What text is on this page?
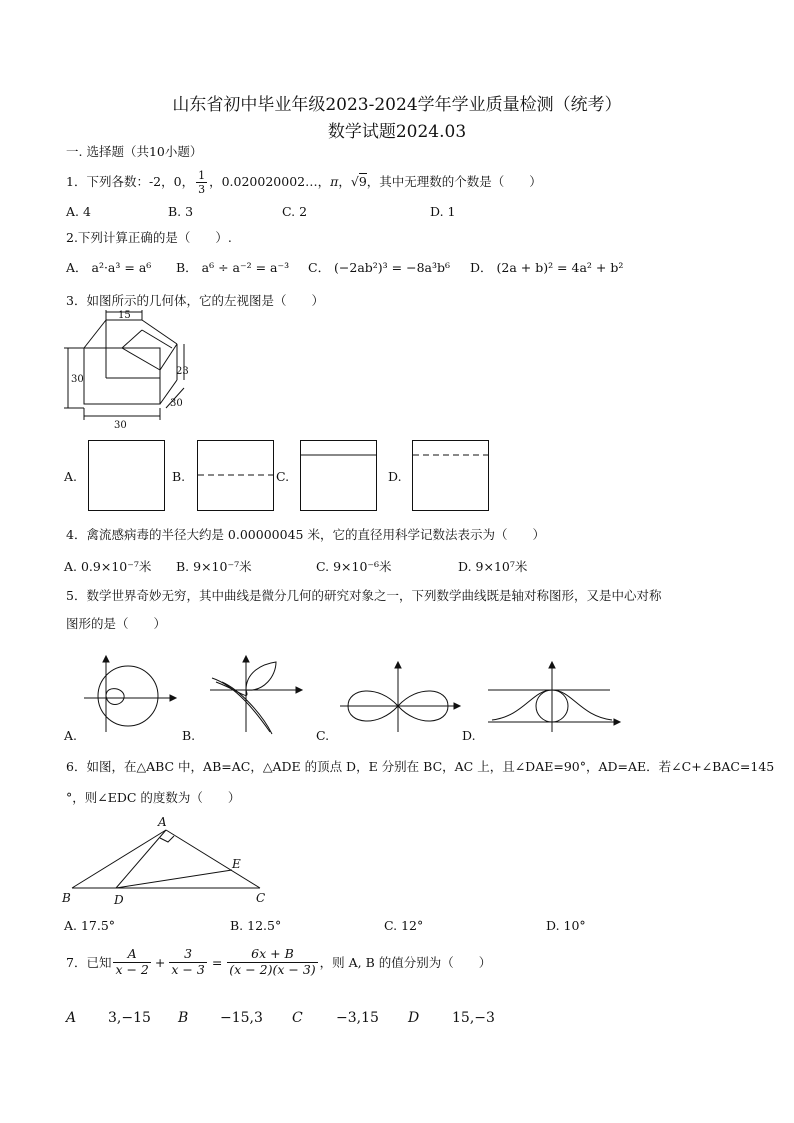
山东省初中毕业年级2023-2024学年学业质量检测（统考）
数学试题2024.03
一. 选择题（共10小题）
1．下列各数：-2，0， $\frac{1}{3}$ ，0.020020002…，π，√9，其中无理数的个数是（　　）
A. 4	B. 3	C. 2	D. 1
2.下列计算正确的是（　　）.
A． a²·a³ = a⁶ B． a⁶ ÷ a⁻² = a⁻³ C． (−2ab²)³ = −8a³b⁶ D． (2a + b)² = 4a² + b²
3．如图所示的几何体，它的左视图是（　　）
15
30
23
30
30
A.	B.	C.	D.
4．禽流感病毒的半径大约是 0.00000045 米，它的直径用科学记数法表示为（　　）
A. 0.9×10⁻⁷米 B. 9×10⁻⁷米	C. 9×10⁻⁶米	D. 9×10⁷米
5．数学世界奇妙无穷，其中曲线是微分几何的研究对象之一，下列数学曲线既是轴对称图形，又是中心对称
图形的是（　　）
A.	B.	C.	D.
6．如图，在△ABC 中，AB=AC，△ADE 的顶点 D，E 分别在 BC，AC 上，且∠DAE=90°，AD=AE．若∠C+∠BAC=145
°，则∠EDC 的度数为（　　）
A
B	C
D
E
A. 17.5°	B. 12.5°	C. 12°	D. 10°
7．已知 $\frac{A}{x - 2} + \frac{3}{x - 3} = \frac{6x + B}{(x - 2)(x - 3)}$ ，则 A, B 的值分别为（　　）
A 3,−15 B −15,3 C −3,15 D 15,−3
